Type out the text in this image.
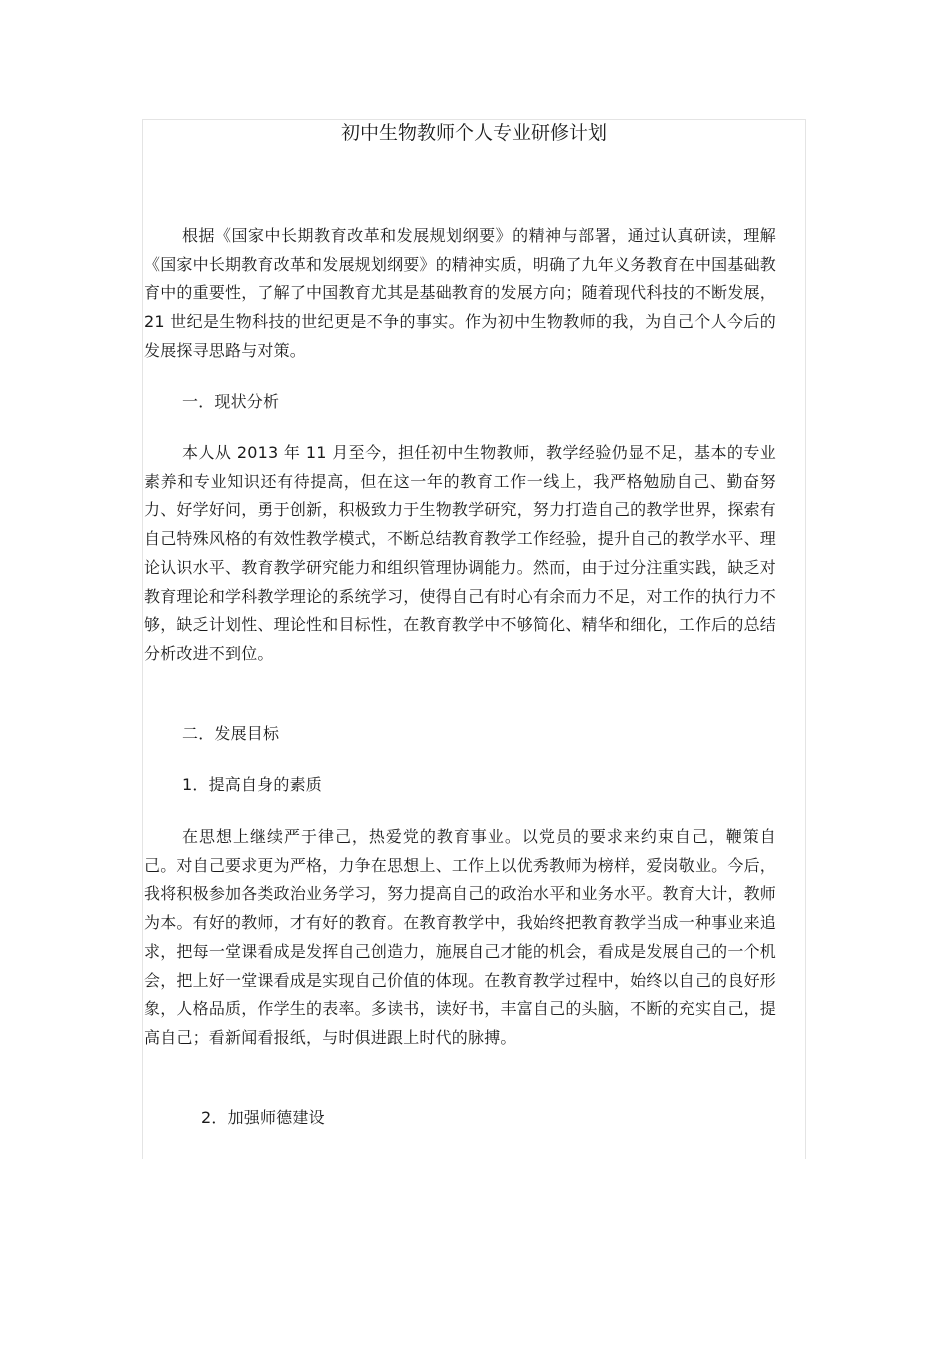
初中生物教师个人专业研修计划

根据《国家中长期教育改革和发展规划纲要》的精神与部署，通过认真研读，理解《国家中长期教育改革和发展规划纲要》的精神实质，明确了九年义务教育在中国基础教育中的重要性，了解了中国教育尤其是基础教育的发展方向；随着现代科技的不断发展， 21 世纪是生物科技的世纪更是不争的事实。作为初中生物教师的我，为自己个人今后的发展探寻思路与对策。

一．现状分析

本人从 2013 年 11 月至今，担任初中生物教师，教学经验仍显不足，基本的专业素养和专业知识还有待提高，但在这一年的教育工作一线上，我严格勉励自己、勤奋努力、好学好问，勇于创新，积极致力于生物教学研究，努力打造自己的教学世界，探索有自己特殊风格的有效性教学模式，不断总结教育教学工作经验，提升自己的教学水平、理论认识水平、教育教学研究能力和组织管理协调能力。然而，由于过分注重实践，缺乏对教育理论和学科教学理论的系统学习，使得自己有时心有余而力不足，对工作的执行力不够，缺乏计划性、理论性和目标性，在教育教学中不够简化、精华和细化，工作后的总结分析改进不到位。

二．发展目标
1．提高自身的素质

在思想上继续严于律己，热爱党的教育事业。以党员的要求来约束自己，鞭策自己。对自己要求更为严格，力争在思想上、工作上以优秀教师为榜样，爱岗敬业。今后，我将积极参加各类政治业务学习，努力提高自己的政治水平和业务水平。教育大计，教师为本。有好的教师，才有好的教育。在教育教学中，我始终把教育教学当成一种事业来追求，把每一堂课看成是发挥自己创造力，施展自己才能的机会，看成是发展自己的一个机会，把上好一堂课看成是实现自己价值的体现。在教育教学过程中，始终以自己的良好形象，人格品质，作学生的表率。多读书，读好书，丰富自己的头脑，不断的充实自己，提高自己；看新闻看报纸，与时俱进跟上时代的脉搏。

2．加强师德建设
